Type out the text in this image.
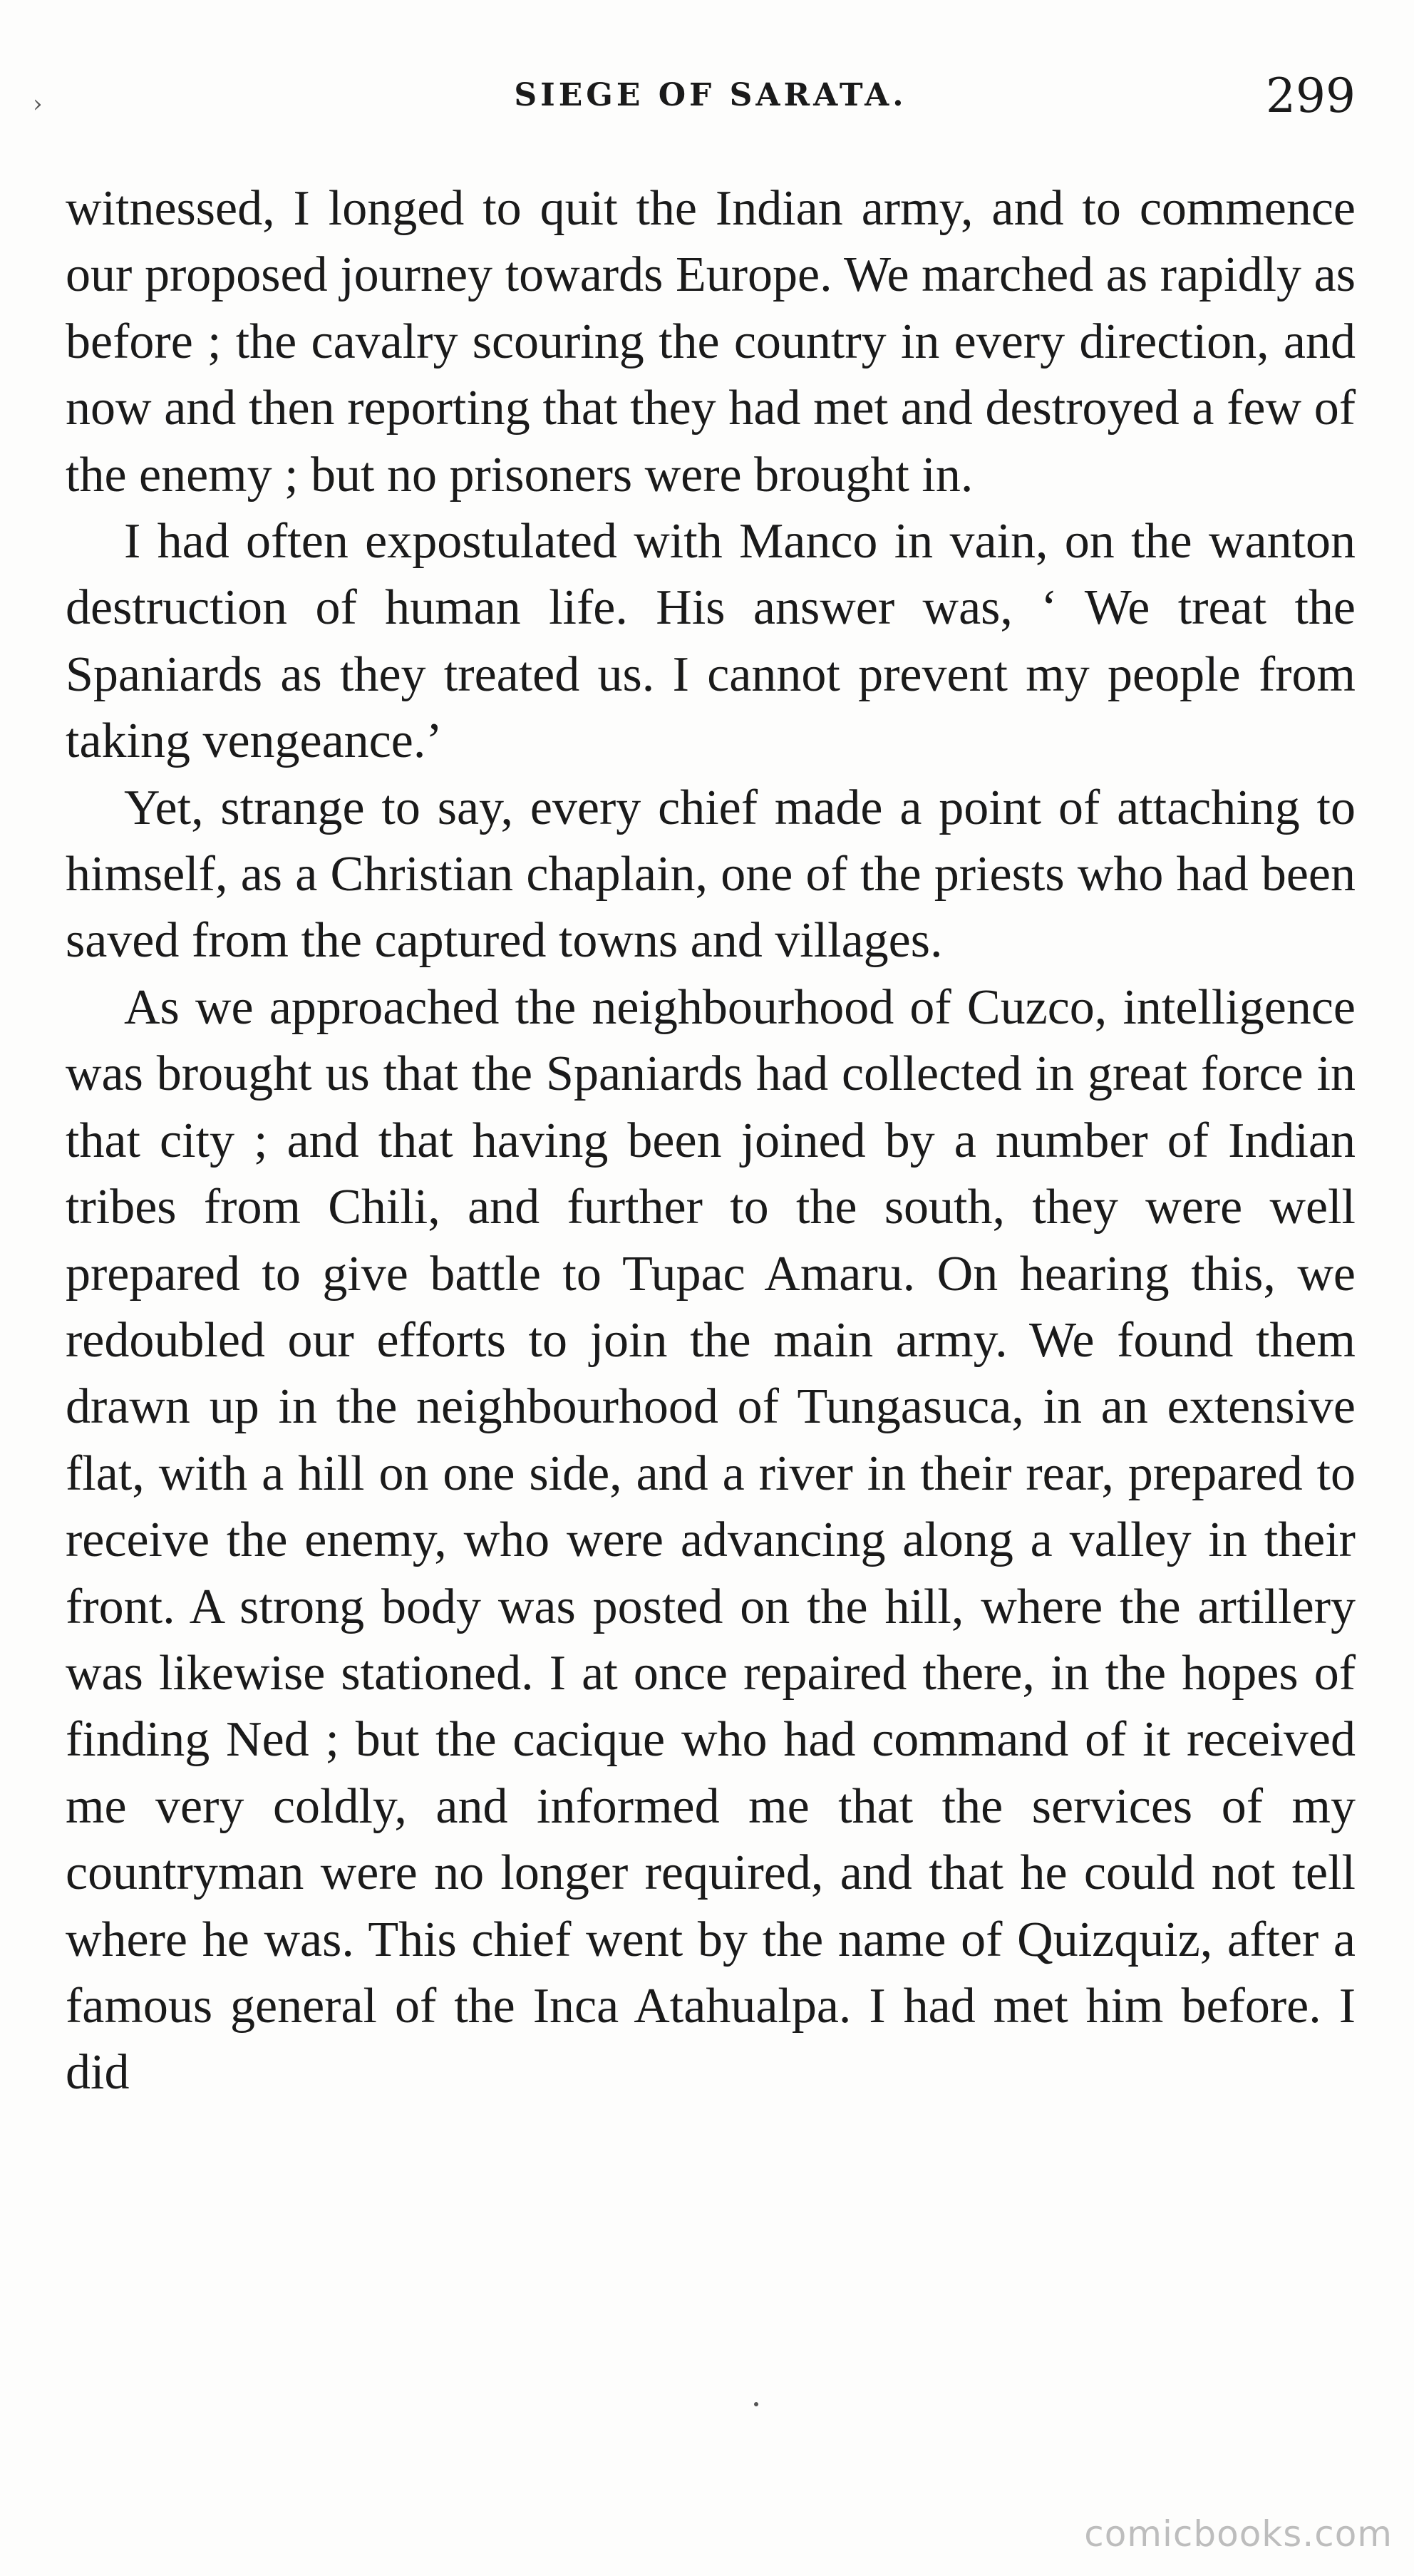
›	SIEGE OF SARATA.	299

witnessed, I longed to quit the Indian army, and to commence our proposed journey towards Europe. We marched as rapidly as before ; the cavalry scouring the country in every direction, and now and then reporting that they had met and destroyed a few of the enemy ; but no prisoners were brought in.

I had often expostulated with Manco in vain, on the wanton destruction of human life. His answer was, ‘ We treat the Spaniards as they treated us. I cannot prevent my people from taking vengeance.’

Yet, strange to say, every chief made a point of attaching to himself, as a Christian chaplain, one of the priests who had been saved from the captured towns and villages.

As we approached the neighbourhood of Cuzco, intelligence was brought us that the Spaniards had collected in great force in that city ; and that having been joined by a number of Indian tribes from Chili, and further to the south, they were well prepared to give battle to Tupac Amaru. On hearing this, we redoubled our efforts to join the main army. We found them drawn up in the neighbourhood of Tungasuca, in an extensive flat, with a hill on one side, and a river in their rear, prepared to receive the enemy, who were advancing along a valley in their front. A strong body was posted on the hill, where the artillery was likewise stationed. I at once repaired there, in the hopes of finding Ned ; but the cacique who had command of it received me very coldly, and informed me that the services of my countryman were no longer required, and that he could not tell where he was. This chief went by the name of Quizquiz, after a famous general of the Inca Atahualpa. I had met him before. I did

comicbooks.com
